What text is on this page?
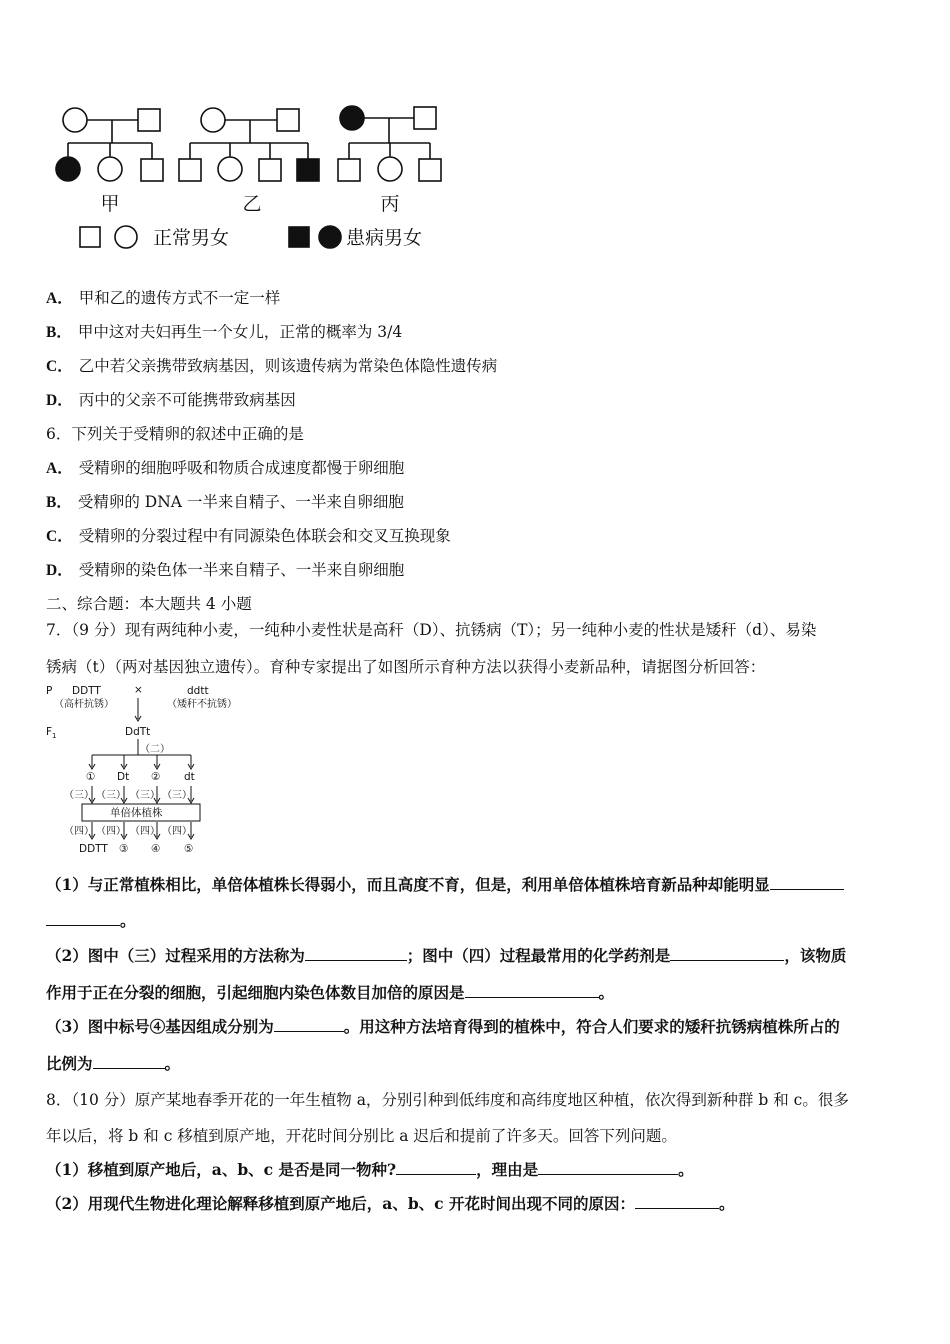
甲	乙	丙
正常男女	患病男女
A． 甲和乙的遗传方式不一定一样
B． 甲中这对夫妇再生一个女儿，正常的概率为 3/4
C． 乙中若父亲携带致病基因，则该遗传病为常染色体隐性遗传病
D． 丙中的父亲不可能携带致病基因
6．下列关于受精卵的叙述中正确的是
A． 受精卵的细胞呼吸和物质合成速度都慢于卵细胞
B． 受精卵的 DNA 一半来自精子、一半来自卵细胞
C． 受精卵的分裂过程中有同源染色体联会和交叉互换现象
D． 受精卵的染色体一半来自精子、一半来自卵细胞
二、综合题：本大题共 4 小题
7．（9 分）现有两纯种小麦，一纯种小麦性状是高秆（D）、抗锈病（T）；另一纯种小麦的性状是矮秆（d）、易染
锈病（t）（两对基因独立遗传）。育种专家提出了如图所示育种方法以获得小麦新品种，请据图分析回答：
P DDTT	×	ddtt
（高杆抗锈）	（矮秆不抗锈）
$F_1$	DdTt
（二）
① Dt ② dt
（三） （三） （三） （三）
单倍体植株
（四） （四） （四） （四）
DDTT ③ ④ ⑤
（1）与正常植株相比，单倍体植株长得弱小，而且高度不育，但是，利用单倍体植株培育新品种却能明显
。
（2）图中（三）过程采用的方法称为	；图中（四）过程最常用的化学药剂是	，该物质
作用于正在分裂的细胞，引起细胞内染色体数目加倍的原因是	。
（3）图中标号④基因组成分别为	。用这种方法培育得到的植株中，符合人们要求的矮秆抗锈病植株所占的
比例为	。
8．（10 分）原产某地春季开花的一年生植物 a，分别引种到低纬度和高纬度地区种植，依次得到新种群 b 和 c。很多
年以后，将 b 和 c 移植到原产地，开花时间分别比 a 迟后和提前了许多天。回答下列问题。
（1）移植到原产地后，a、b、c 是否是同一物种?	，理由是	。
（2）用现代生物进化理论解释移植到原产地后，a、b、c 开花时间出现不同的原因：	。
